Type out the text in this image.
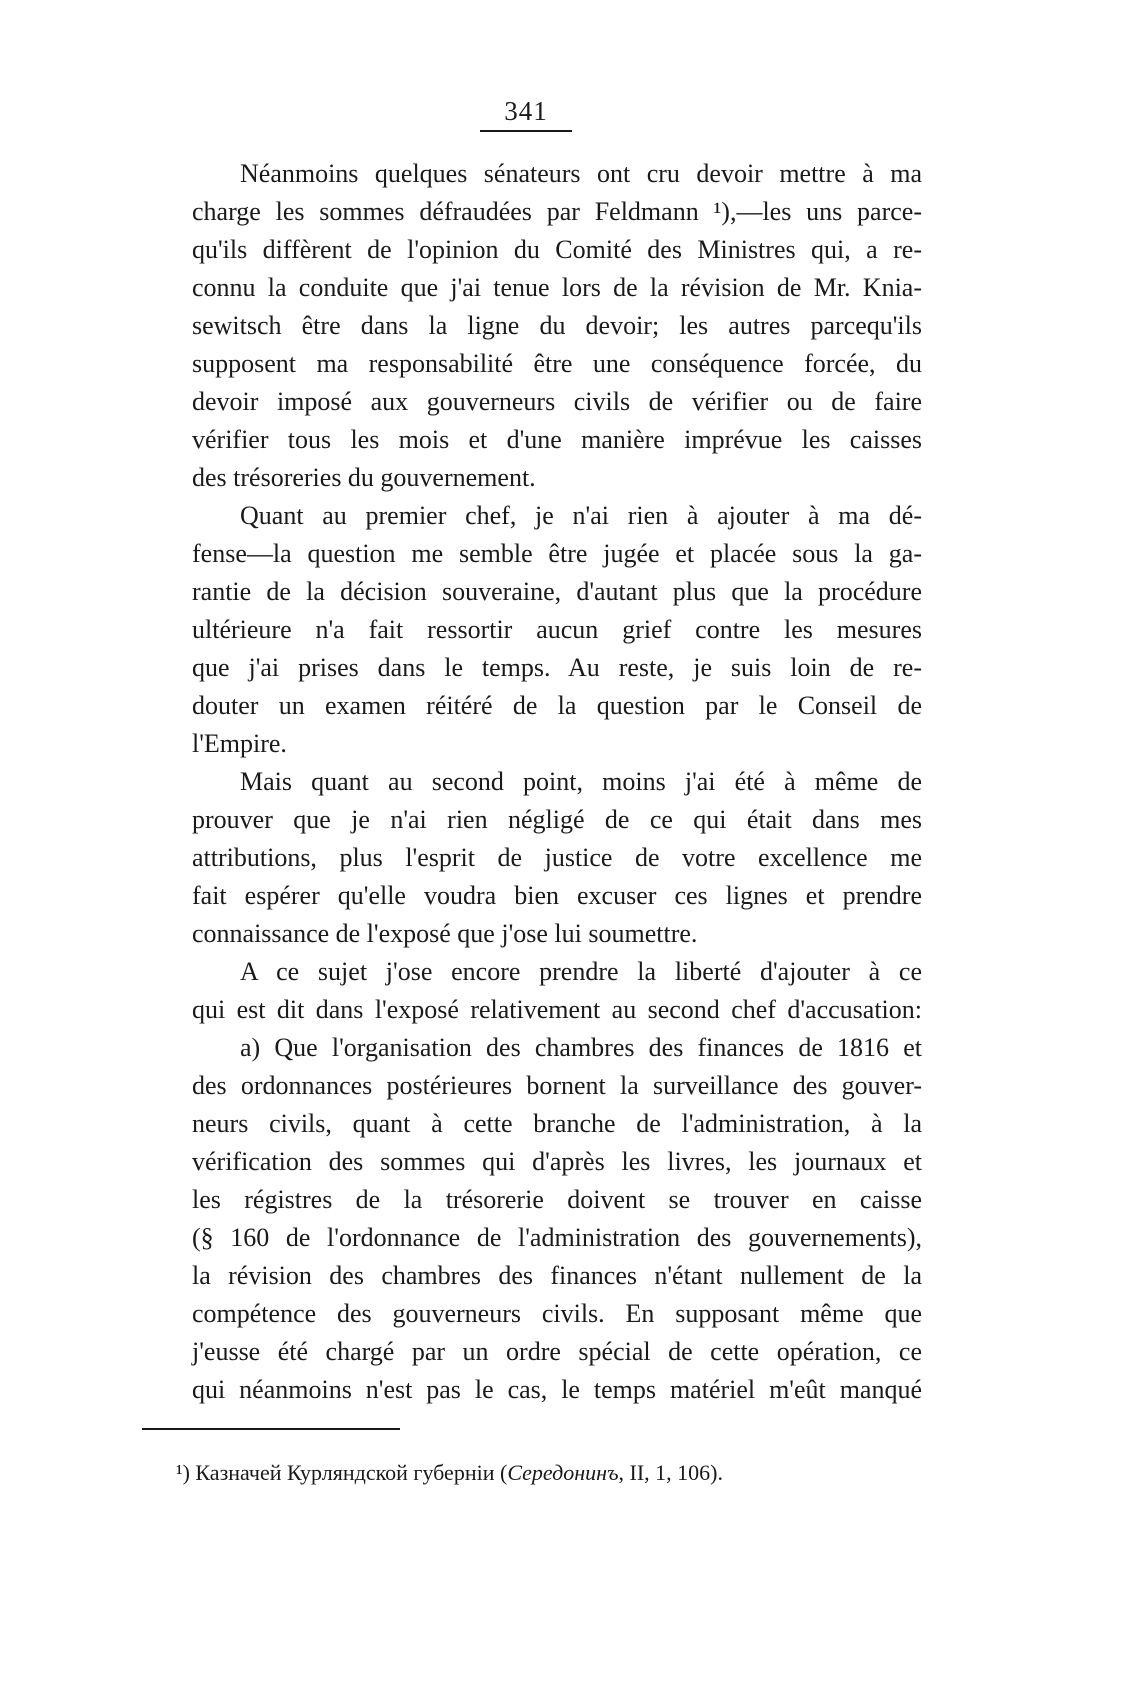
341
Néanmoins quelques sénateurs ont cru devoir mettre à ma
charge les sommes défraudées par Feldmann ¹),—les uns parce-
qu'ils diffèrent de l'opinion du Comité des Ministres qui, a re-
connu la conduite que j'ai tenue lors de la révision de Mr. Knia-
sewitsch être dans la ligne du devoir; les autres parcequ'ils
supposent ma responsabilité être une conséquence forcée, du
devoir imposé aux gouverneurs civils de vérifier ou de faire
vérifier tous les mois et d'une manière imprévue les caisses
des trésoreries du gouvernement.
Quant au premier chef, je n'ai rien à ajouter à ma dé-
fense—la question me semble être jugée et placée sous la ga-
rantie de la décision souveraine, d'autant plus que la procédure
ultérieure n'a fait ressortir aucun grief contre les mesures
que j'ai prises dans le temps. Au reste, je suis loin de re-
douter un examen réitéré de la question par le Conseil de
l'Empire.
Mais quant au second point, moins j'ai été à même de
prouver que je n'ai rien négligé de ce qui était dans mes
attributions, plus l'esprit de justice de votre excellence me
fait espérer qu'elle voudra bien excuser ces lignes et prendre
connaissance de l'exposé que j'ose lui soumettre.
A ce sujet j'ose encore prendre la liberté d'ajouter à ce
qui est dit dans l'exposé relativement au second chef d'accusation:
a) Que l'organisation des chambres des finances de 1816 et
des ordonnances postérieures bornent la surveillance des gouver-
neurs civils, quant à cette branche de l'administration, à la
vérification des sommes qui d'après les livres, les journaux et
les régistres de la trésorerie doivent se trouver en caisse
(§ 160 de l'ordonnance de l'administration des gouvernements),
la révision des chambres des finances n'étant nullement de la
compétence des gouverneurs civils. En supposant même que
j'eusse été chargé par un ordre spécial de cette opération, ce
qui néanmoins n'est pas le cas, le temps matériel m'eût manqué
¹) Казначей Курляндской губерніи (Середонинъ, II, 1, 106).
